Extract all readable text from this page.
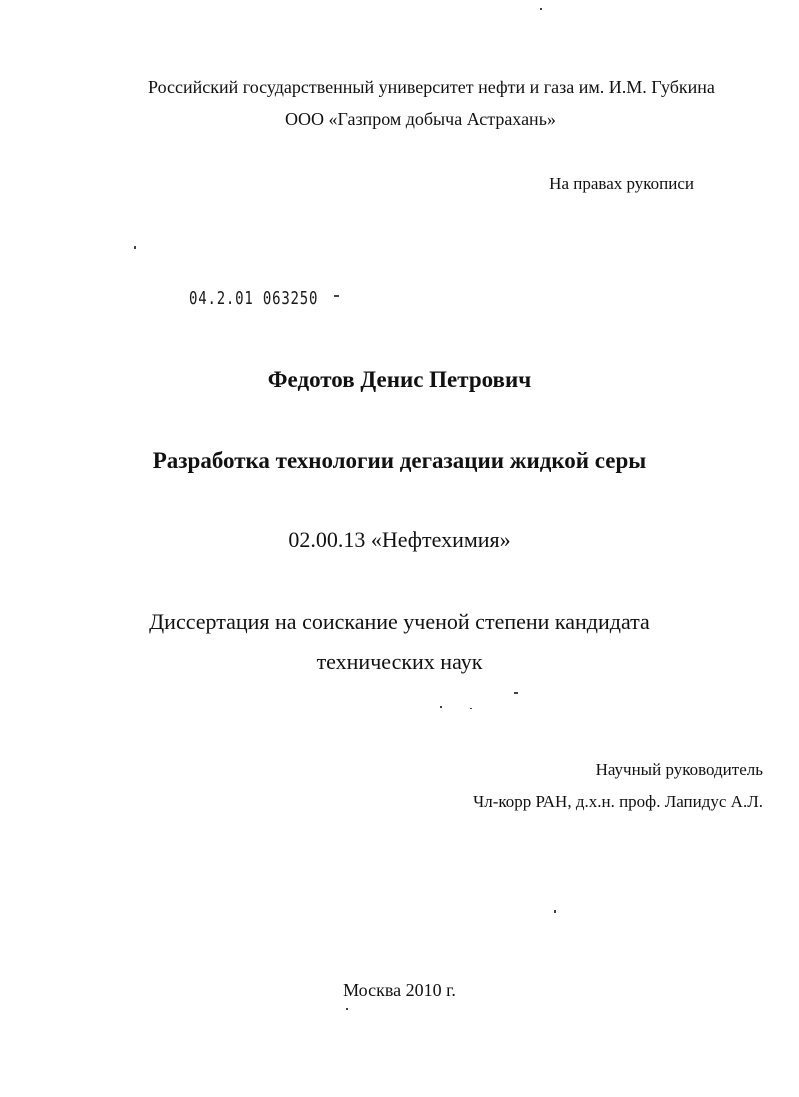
Российский государственный университет нефти и газа им. И.М. Губкина
ООО «Газпром добыча Астрахань»
На правах рукописи
04.2.01 063250
Федотов Денис Петрович
Разработка технологии дегазации жидкой серы
02.00.13 «Нефтехимия»
Диссертация на соискание ученой степени кандидата
технических наук
Научный руководитель
Чл-корр РАН, д.х.н. проф. Лапидус А.Л.
Москва 2010 г.
